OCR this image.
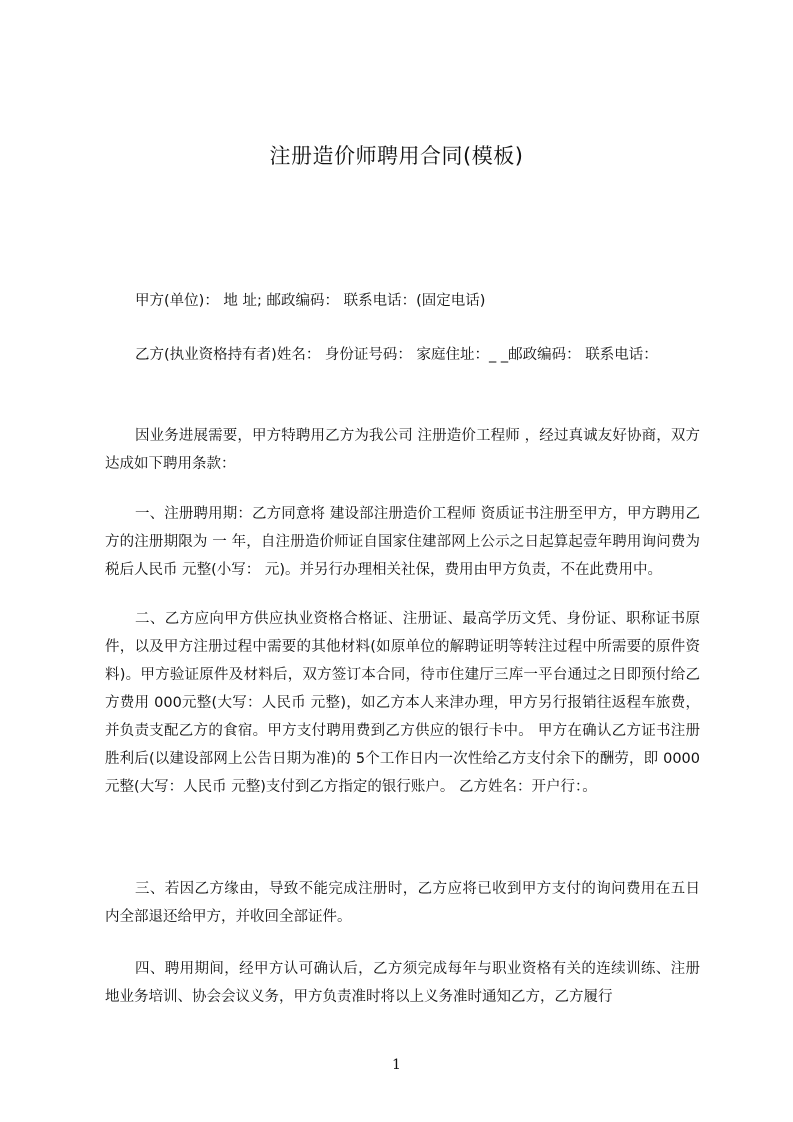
注册造价师聘用合同(模板)

甲方(单位)： 地 址; 邮政编码： 联系电话：(固定电话)

乙方(执业资格持有者)姓名： 身份证号码： 家庭住址：_ _邮政编码： 联系电话：

因业务进展需要，甲方特聘用乙方为我公司 注册造价工程师 ，经过真诚友好协商，双方达成如下聘用条款：

一、注册聘用期：乙方同意将 建设部注册造价工程师 资质证书注册至甲方，甲方聘用乙方的注册期限为 一 年，自注册造价师证自国家住建部网上公示之日起算起壹年聘用询问费为税后人民币 元整(小写： 元)。并另行办理相关社保，费用由甲方负责，不在此费用中。

二、乙方应向甲方供应执业资格合格证、注册证、最高学历文凭、身份证、职称证书原件，以及甲方注册过程中需要的其他材料(如原单位的解聘证明等转注过程中所需要的原件资料)。甲方验证原件及材料后，双方签订本合同，待市住建厅三库一平台通过之日即预付给乙方费用 000元整(大写：人民币 元整)，如乙方本人来津办理，甲方另行报销往返程车旅费，并负责支配乙方的食宿。甲方支付聘用费到乙方供应的银行卡中。 甲方在确认乙方证书注册胜利后(以建设部网上公告日期为准)的 5个工作日内一次性给乙方支付余下的酬劳，即 0000元整(大写：人民币 元整)支付到乙方指定的银行账户。 乙方姓名：开户行：。

三、若因乙方缘由，导致不能完成注册时，乙方应将已收到甲方支付的询问费用在五日内全部退还给甲方，并收回全部证件。

四、聘用期间，经甲方认可确认后，乙方须完成每年与职业资格有关的连续训练、注册地业务培训、协会会议义务，甲方负责准时将以上义务准时通知乙方，乙方履行

1
